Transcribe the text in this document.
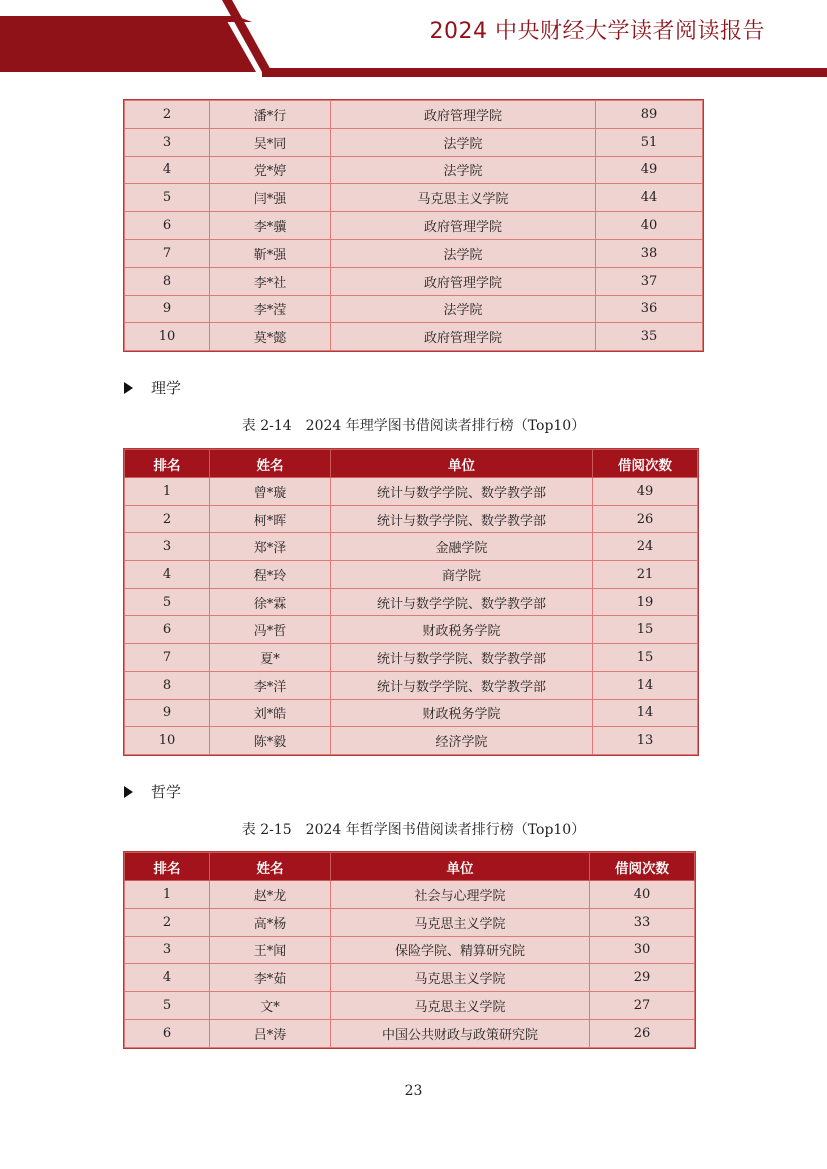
2024 中央财经大学读者阅读报告
2	潘*行	政府管理学院	89
3	吴*同	法学院	51
4	党*婷	法学院	49
5	闫*强	马克思主义学院	44
6	李*骥	政府管理学院	40
7	靳*强	法学院	38
8	李*社	政府管理学院	37
9	李*滢	法学院	36
10	莫*懿	政府管理学院	35
理学
表 2-14　2024 年理学图书借阅读者排行榜（Top10）
排名	姓名	单位	借阅次数
1	曾*璇	统计与数学学院、数学教学部	49
2	柯*晖	统计与数学学院、数学教学部	26
3	郑*泽	金融学院	24
4	程*玲	商学院	21
5	徐*霖	统计与数学学院、数学教学部	19
6	冯*哲	财政税务学院	15
7	夏*	统计与数学学院、数学教学部	15
8	李*洋	统计与数学学院、数学教学部	14
9	刘*皓	财政税务学院	14
10	陈*毅	经济学院	13
哲学
表 2-15　2024 年哲学图书借阅读者排行榜（Top10）
排名	姓名	单位	借阅次数
1	赵*龙	社会与心理学院	40
2	高*杨	马克思主义学院	33
3	王*闻	保险学院、精算研究院	30
4	李*茹	马克思主义学院	29
5	文*	马克思主义学院	27
6	吕*涛	中国公共财政与政策研究院	26
23
